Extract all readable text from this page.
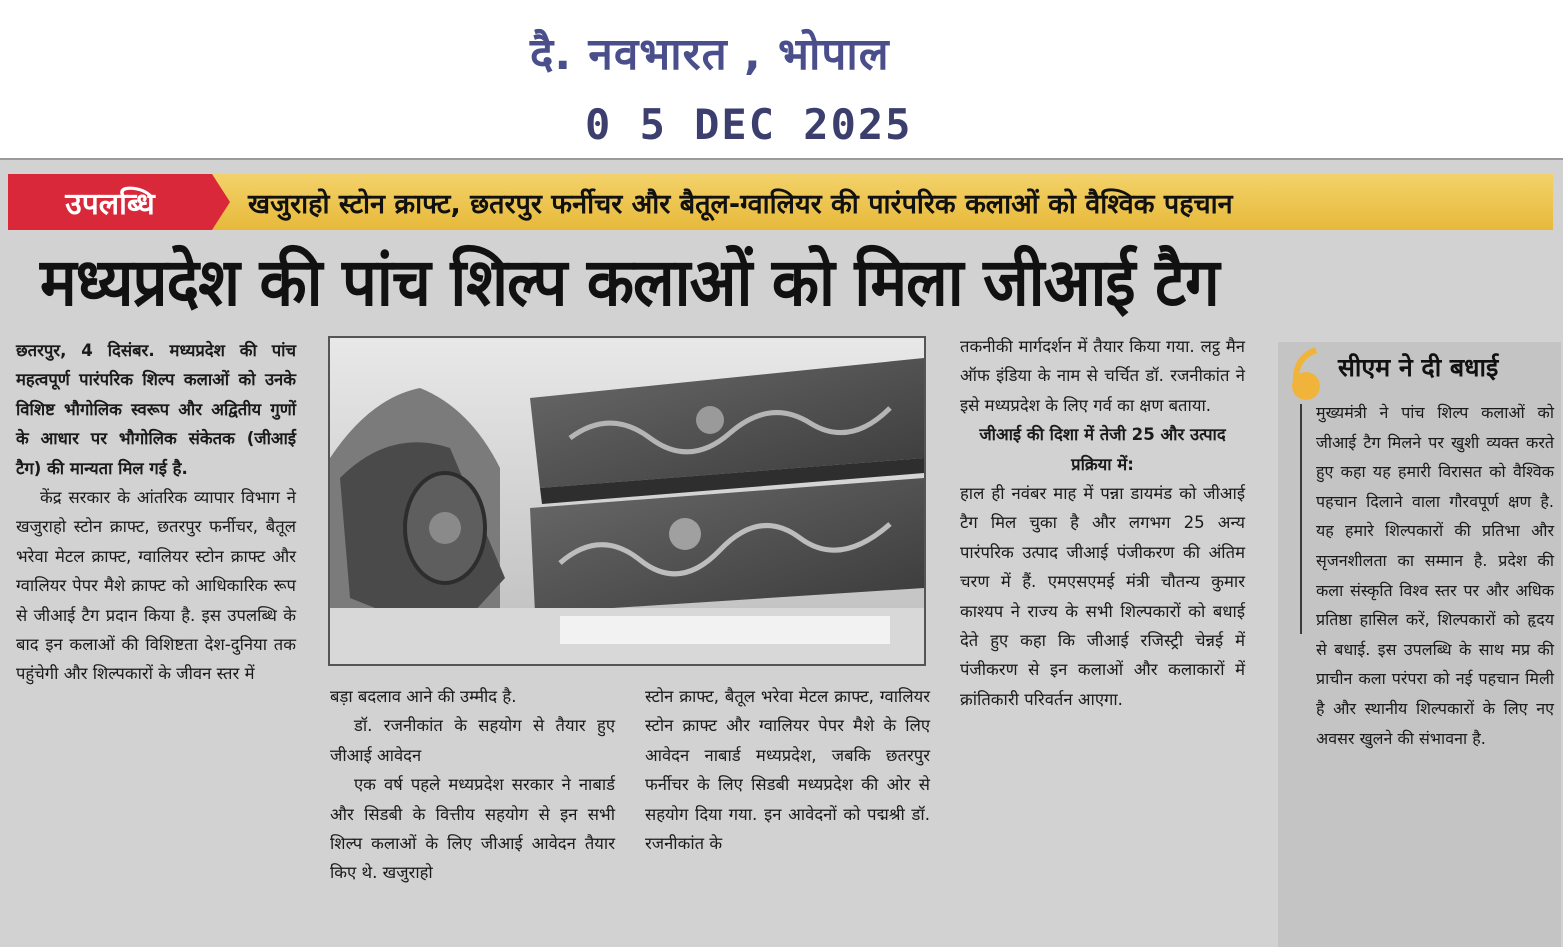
दै. नवभारत , भोपाल
0 5 DEC 2025
उपलब्धि	खजुराहो स्टोन क्राफ्ट, छतरपुर फर्नीचर और बैतूल-ग्वालियर की पारंपरिक कलाओं को वैश्विक पहचान
मध्यप्रदेश की पांच शिल्प कलाओं को मिला जीआई टैग

छतरपुर, 4 दिसंबर. मध्यप्रदेश की पांच महत्वपूर्ण पारंपरिक शिल्प कलाओं को उनके विशिष्ट भौगोलिक स्वरूप और अद्वितीय गुणों के आधार पर भौगोलिक संकेतक (जीआई टैग) की मान्यता मिल गई है.

केंद्र सरकार के आंतरिक व्यापार विभाग ने खजुराहो स्टोन क्राफ्ट, छतरपुर फर्नीचर, बैतूल भरेवा मेटल क्राफ्ट, ग्वालियर स्टोन क्राफ्ट और ग्वालियर पेपर मैशे क्राफ्ट को आधिकारिक रूप से जीआई टैग प्रदान किया है. इस उपलब्धि के बाद इन कलाओं की विशिष्टता देश-दुनिया तक पहुंचेगी और शिल्पकारों के जीवन स्तर में

बड़ा बदलाव आने की उम्मीद है.

डॉ. रजनीकांत के सहयोग से तैयार हुए जीआई आवेदन

एक वर्ष पहले मध्यप्रदेश सरकार ने नाबार्ड और सिडबी के वित्तीय सहयोग से इन सभी शिल्प कलाओं के लिए जीआई आवेदन तैयार किए थे. खजुराहो

स्टोन क्राफ्ट, बैतूल भरेवा मेटल क्राफ्ट, ग्वालियर स्टोन क्राफ्ट और ग्वालियर पेपर मैशे के लिए आवेदन नाबार्ड मध्यप्रदेश, जबकि छतरपुर फर्नीचर के लिए सिडबी मध्यप्रदेश की ओर से सहयोग दिया गया. इन आवेदनों को पद्मश्री डॉ. रजनीकांत के

तकनीकी मार्गदर्शन में तैयार किया गया. लट्ठ मैन ऑफ इंडिया के नाम से चर्चित डॉ. रजनीकांत ने इसे मध्यप्रदेश के लिए गर्व का क्षण बताया.

जीआई की दिशा में तेजी 25 और उत्पाद प्रक्रिया में:

हाल ही नवंबर माह में पन्ना डायमंड को जीआई टैग मिल चुका है और लगभग 25 अन्य पारंपरिक उत्पाद जीआई पंजीकरण की अंतिम चरण में हैं. एमएसएमई मंत्री चौतन्य कुमार काश्यप ने राज्य के सभी शिल्पकारों को बधाई देते हुए कहा कि जीआई रजिस्ट्री चेन्नई में पंजीकरण से इन कलाओं और कलाकारों में क्रांतिकारी परिवर्तन आएगा.

सीएम ने दी बधाई
मुख्यमंत्री ने पांच शिल्प कलाओं को जीआई टैग मिलने पर खुशी व्यक्त करते हुए कहा यह हमारी विरासत को वैश्विक पहचान दिलाने वाला गौरवपूर्ण क्षण है. यह हमारे शिल्पकारों की प्रतिभा और सृजनशीलता का सम्मान है. प्रदेश की कला संस्कृति विश्व स्तर पर और अधिक प्रतिष्ठा हासिल करें, शिल्पकारों को हृदय से बधाई. इस उपलब्धि के साथ मप्र की प्राचीन कला परंपरा को नई पहचान मिली है और स्थानीय शिल्पकारों के लिए नए अवसर खुलने की संभावना है.
